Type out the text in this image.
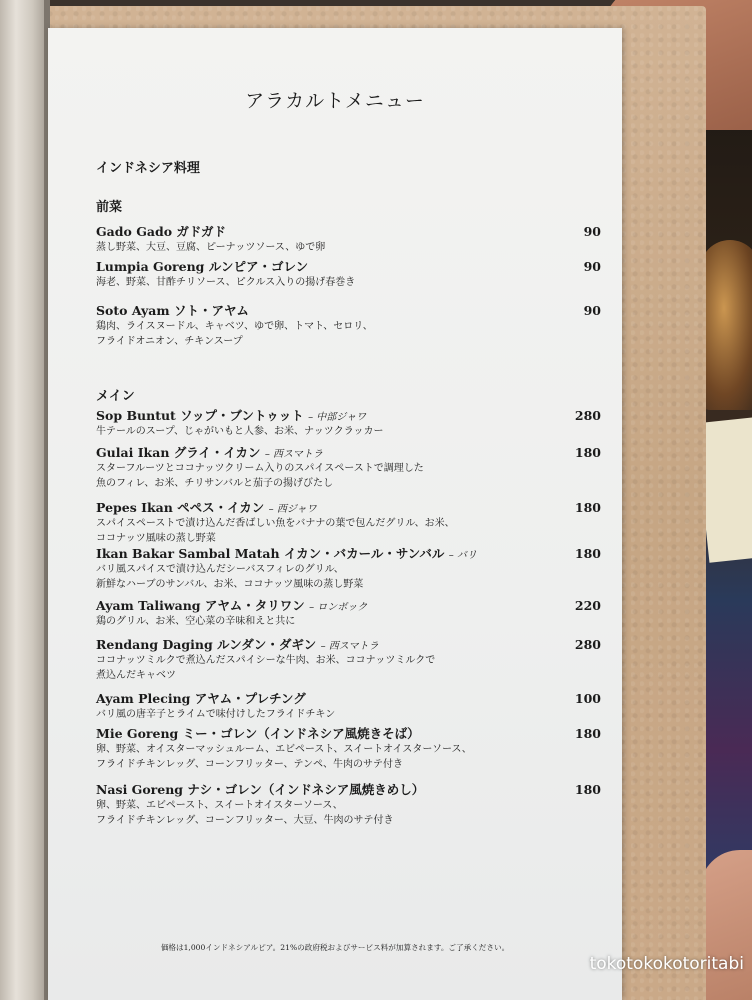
アラカルトメニュー
インドネシア料理
前菜
Gado Gado ガドガド
蒸し野菜、大豆、豆腐、ピーナッツソース、ゆで卵
90
Lumpia Goreng ルンピア・ゴレン
海老、野菜、甘酢チリソース、ピクルス入りの揚げ春巻き
90
Soto Ayam ソト・アヤム
鶏肉、ライスヌードル、キャベツ、ゆで卵、トマト、セロリ、
フライドオニオン、チキンスープ
90
メイン
Sop Buntut ソップ・ブントゥット – 中部ジャワ
牛テールのスープ、じゃがいもと人参、お米、ナッツクラッカー
280
Gulai Ikan グライ・イカン – 西スマトラ
スターフルーツとココナッツクリーム入りのスパイスペーストで調理した
魚のフィレ、お米、チリサンバルと茄子の揚げびたし
180
Pepes Ikan ペペス・イカン – 西ジャワ
スパイスペーストで漬け込んだ香ばしい魚をバナナの葉で包んだグリル、お米、
ココナッツ風味の蒸し野菜
180
Ikan Bakar Sambal Matah イカン・バカール・サンバル – バリ
バリ風スパイスで漬け込んだシーバスフィレのグリル、
新鮮なハーブのサンバル、お米、ココナッツ風味の蒸し野菜
180
Ayam Taliwang アヤム・タリワン – ロンボック
鶏のグリル、お米、空心菜の辛味和えと共に
220
Rendang Daging ルンダン・ダギン – 西スマトラ
ココナッツミルクで煮込んだスパイシーな牛肉、お米、ココナッツミルクで
煮込んだキャベツ
280
Ayam Plecing アヤム・プレチング
バリ風の唐辛子とライムで味付けしたフライドチキン
100
Mie Goreng ミー・ゴレン（インドネシア風焼きそば）
卵、野菜、オイスターマッシュルーム、エビペースト、スイートオイスターソース、
フライドチキンレッグ、コーンフリッター、テンペ、牛肉のサテ付き
180
Nasi Goreng ナシ・ゴレン（インドネシア風焼きめし）
卵、野菜、エビペースト、スイートオイスターソース、
フライドチキンレッグ、コーンフリッター、大豆、牛肉のサテ付き
180
価格は1,000インドネシアルピア。21%の政府税およびサービス料が加算されます。ご了承ください。
tokotokokotoritabi
